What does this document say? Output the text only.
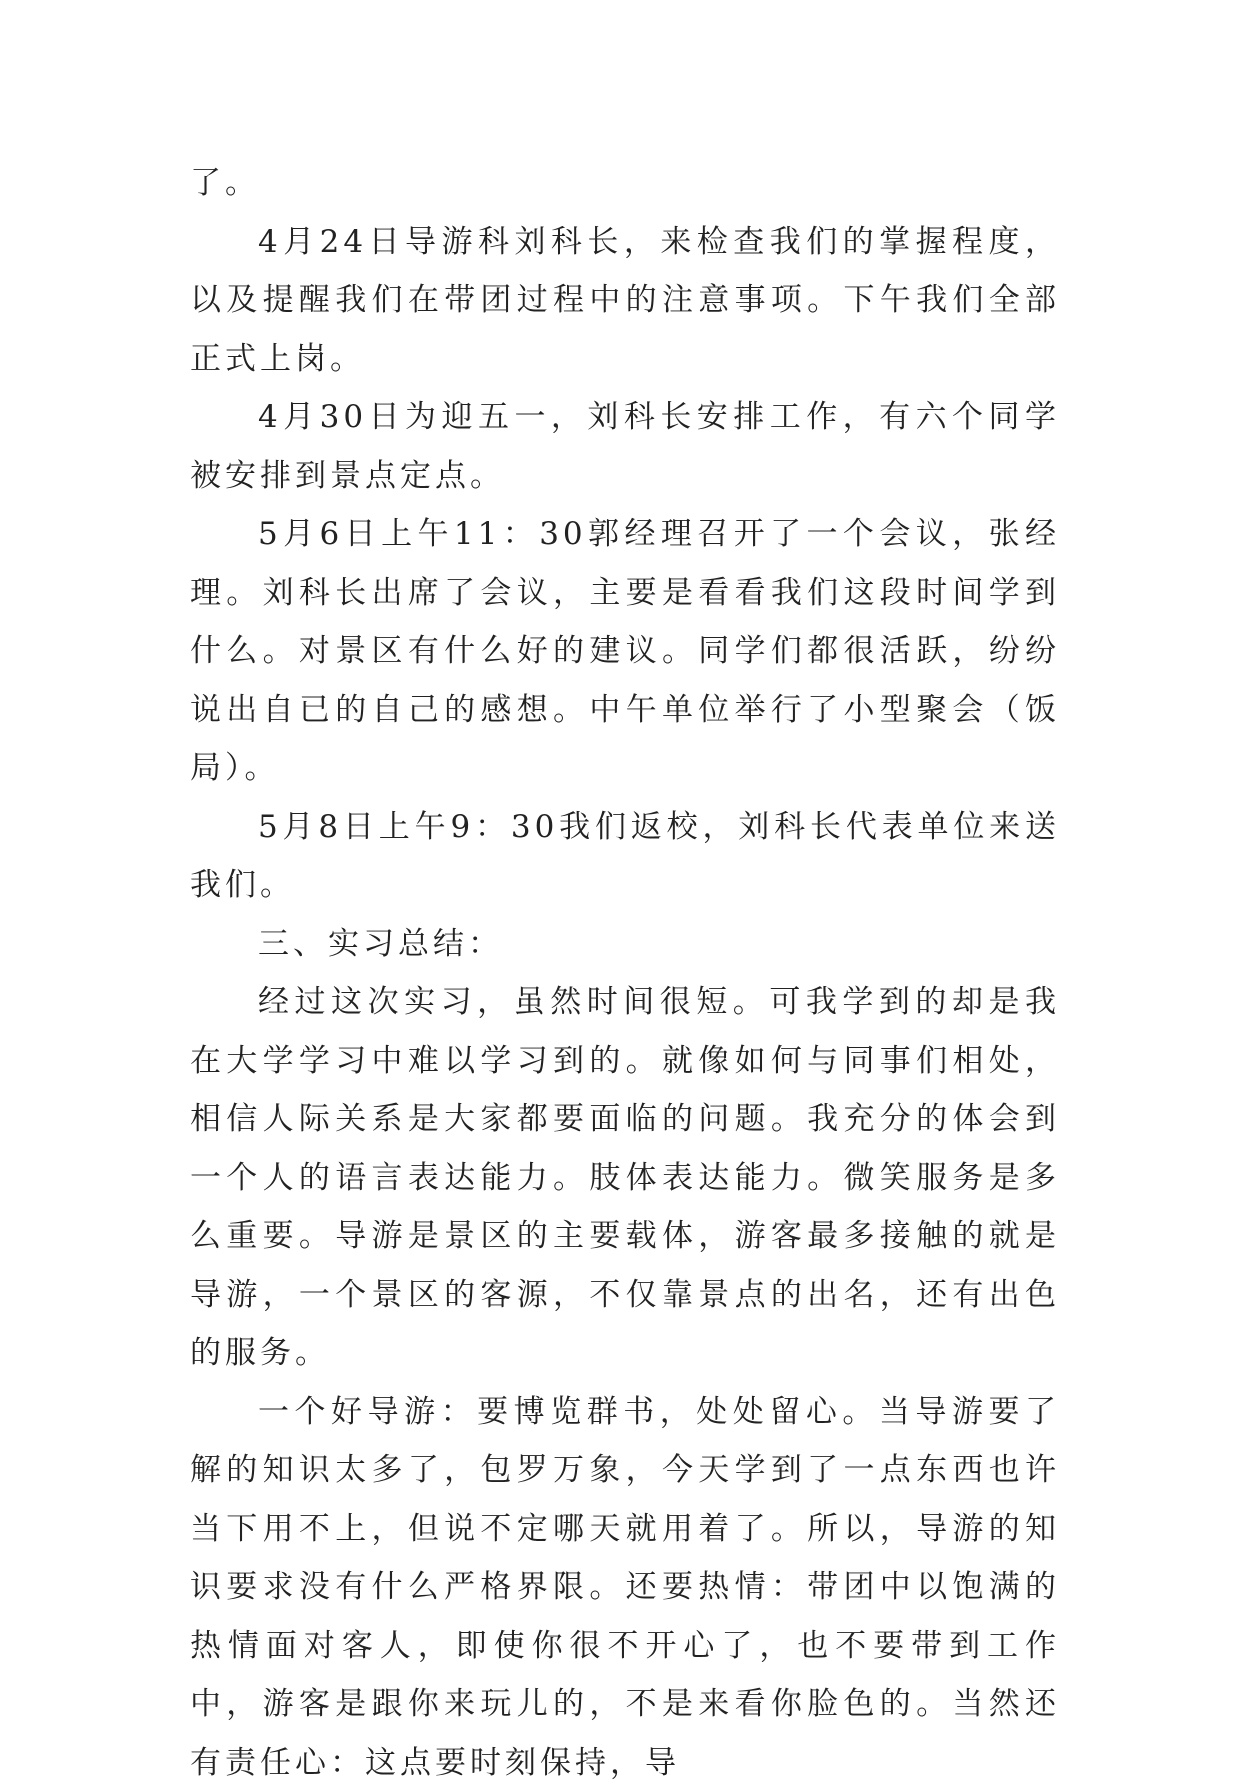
了。

4月24日导游科刘科长，来检查我们的掌握程度，以及提醒我们在带团过程中的注意事项。下午我们全部正式上岗。

4月30日为迎五一，刘科长安排工作，有六个同学被安排到景点定点。

5月6日上午11：30郭经理召开了一个会议，张经理。刘科长出席了会议，主要是看看我们这段时间学到什么。对景区有什么好的建议。同学们都很活跃，纷纷说出自已的自己的感想。中午单位举行了小型聚会（饭局）。

5月8日上午9：30我们返校，刘科长代表单位来送我们。

三、实习总结：

经过这次实习，虽然时间很短。可我学到的却是我在大学学习中难以学习到的。就像如何与同事们相处，相信人际关系是大家都要面临的问题。我充分的体会到一个人的语言表达能力。肢体表达能力。微笑服务是多么重要。导游是景区的主要载体，游客最多接触的就是导游，一个景区的客源，不仅靠景点的出名，还有出色的服务。

一个好导游：要博览群书，处处留心。当导游要了解的知识太多了，包罗万象，今天学到了一点东西也许当下用不上，但说不定哪天就用着了。所以，导游的知识要求没有什么严格界限。还要热情：带团中以饱满的热情面对客人，即使你很不开心了，也不要带到工作中，游客是跟你来玩儿的，不是来看你脸色的。当然还有责任心：这点要时刻保持，导
